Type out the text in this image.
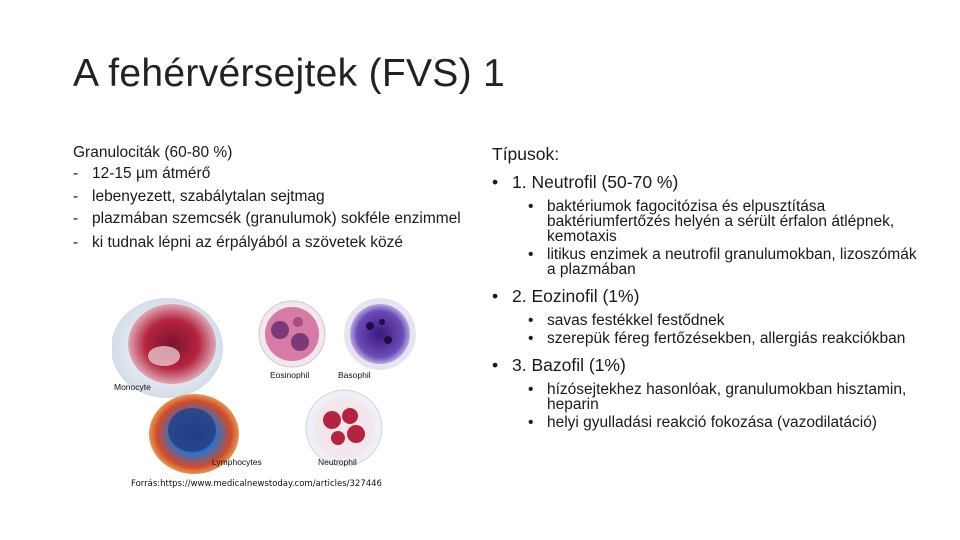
A fehérvérsejtek (FVS) 1
Granulociták (60-80 %)
- 12-15 µm átmérő
- lebenyezett, szabálytalan sejtmag
- plazmában szemcsék (granulumok) sokféle enzimmel
- ki tudnak lépni az érpályából a szövetek közé
Monocyte
Eosinophil	Basophil
Lymphocytes	Neutrophil
Forrás:https://www.medicalnewstoday.com/articles/327446
Típusok:
• 1. Neutrofil (50-70 %)
• baktériumok fagocitózisa és elpusztítása baktériumfertőzés helyén a sérült érfalon átlépnek, kemotaxis
• litikus enzimek a neutrofil granulumokban, lizoszómák a plazmában
• 2. Eozinofil (1%)
• savas festékkel festődnek
• szerepük féreg fertőzésekben, allergiás reakciókban
• 3. Bazofil (1%)
• hízósejtekhez hasonlóak, granulumokban hisztamin, heparin
• helyi gyulladási reakció fokozása (vazodilatáció)
